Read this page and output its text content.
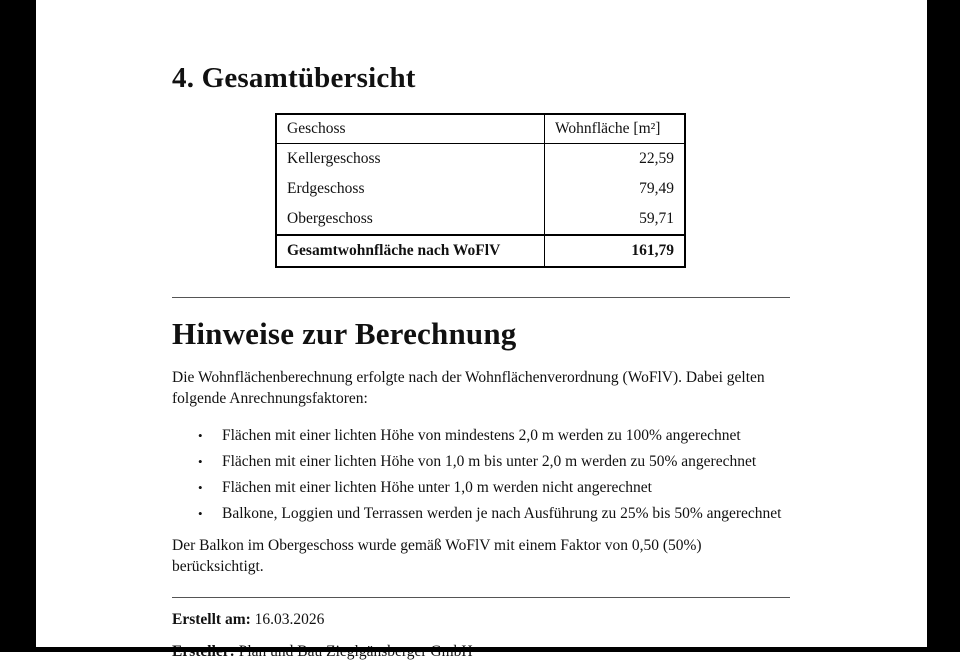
4. Gesamtübersicht
Geschoss	Wohnfläche [m²]
Kellergeschoss	22,59
Erdgeschoss	79,49
Obergeschoss	59,71
Gesamtwohnfläche nach WoFlV	161,79
Hinweise zur Berechnung

Die Wohnflächenberechnung erfolgte nach der Wohnflächenverordnung (WoFlV). Dabei gelten folgende Anrechnungsfaktoren:

•	Flächen mit einer lichten Höhe von mindestens 2,0 m werden zu 100% angerechnet
•	Flächen mit einer lichten Höhe von 1,0 m bis unter 2,0 m werden zu 50% angerechnet
•	Flächen mit einer lichten Höhe unter 1,0 m werden nicht angerechnet
•	Balkone, Loggien und Terrassen werden je nach Ausführung zu 25% bis 50% angerechnet

Der Balkon im Obergeschoss wurde gemäß WoFlV mit einem Faktor von 0,50 (50%) berücksichtigt.

Erstellt am: 16.03.2026
